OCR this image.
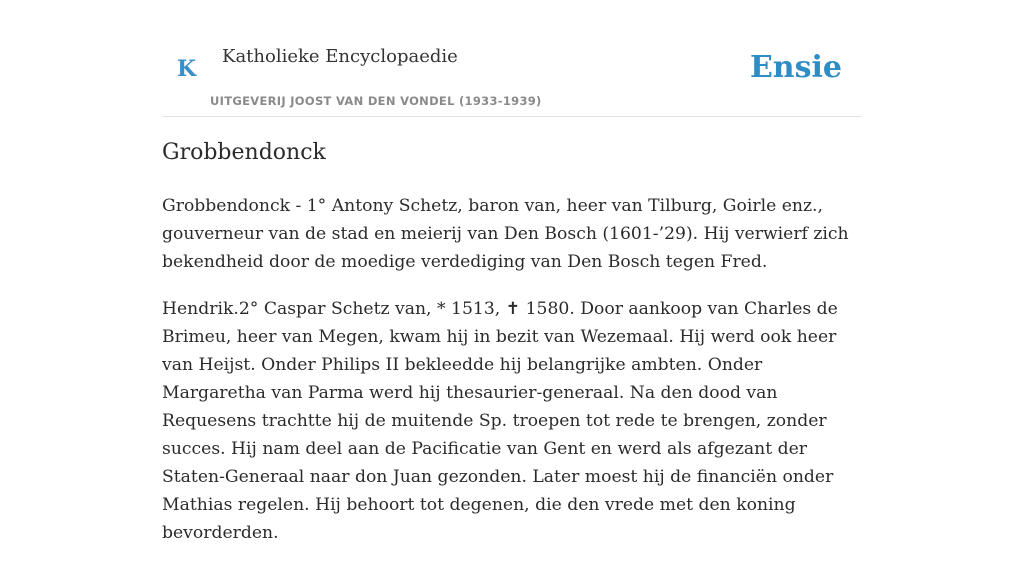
K Katholieke Encyclopaedie
UITGEVERIJ JOOST VAN DEN VONDEL (1933-1939)
Ensie
Grobbendonck

Grobbendonck - 1° Antony Schetz, baron van, heer van Tilburg, Goirle enz., gouverneur van de stad en meierij van Den Bosch (1601-’29). Hij verwierf zich bekendheid door de moedige verdediging van Den Bosch tegen Fred.

Hendrik.2° Caspar Schetz van, * 1513, ✝ 1580. Door aankoop van Charles de Brimeu, heer van Megen, kwam hij in bezit van Wezemaal. Hij werd ook heer van Heijst. Onder Philips II bekleedde hij belangrijke ambten. Onder Margaretha van Parma werd hij thesaurier-generaal. Na den dood van Requesens trachtte hij de muitende Sp. troepen tot rede te brengen, zonder succes. Hij nam deel aan de Pacificatie van Gent en werd als afgezant der Staten-Generaal naar don Juan gezonden. Later moest hij de financiën onder Mathias regelen. Hij behoort tot degenen, die den vrede met den koning bevorderden.
